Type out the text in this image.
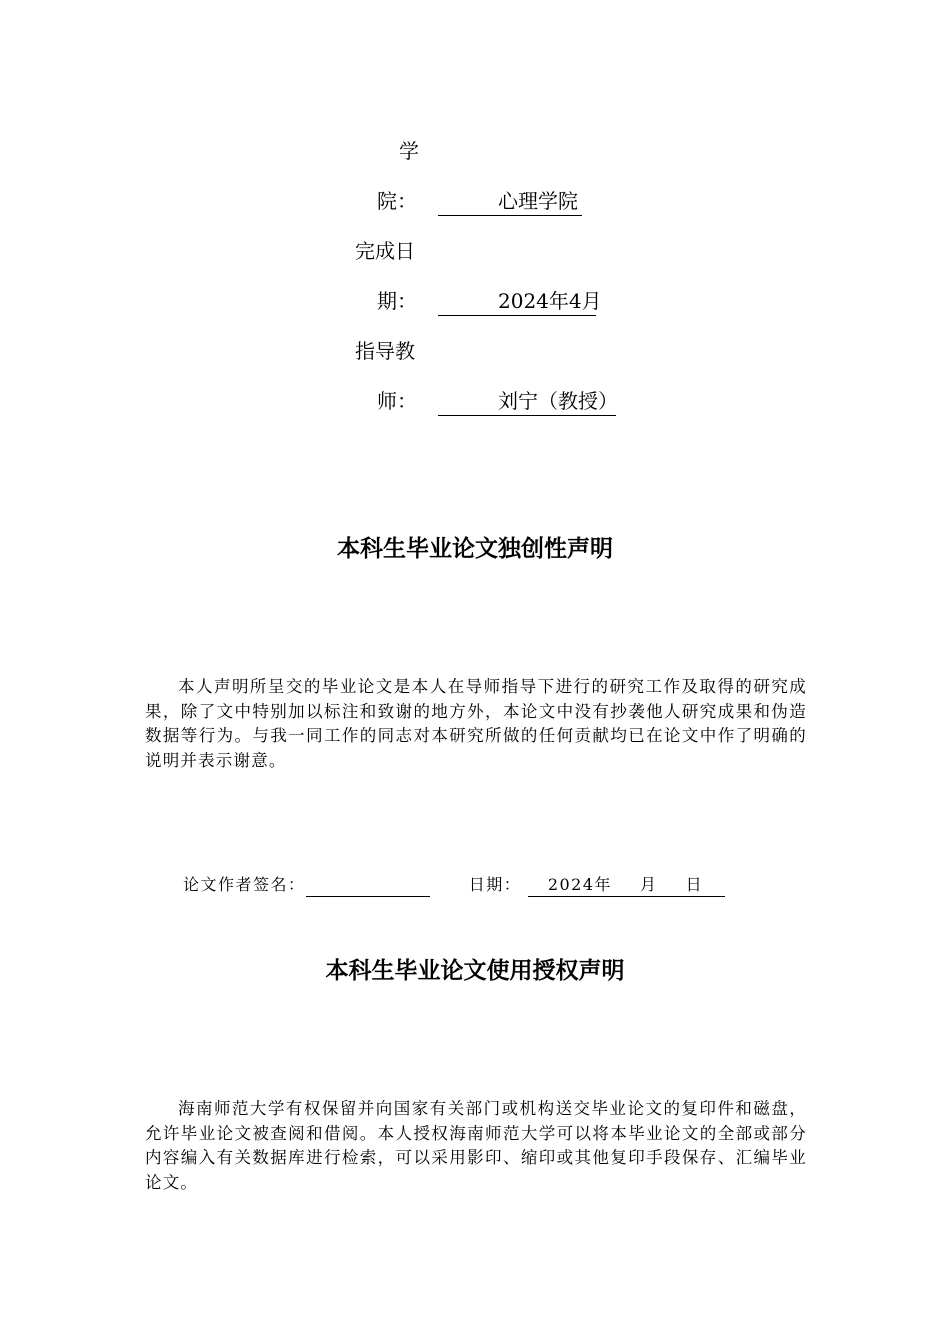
学
院： 　　　心理学院
完成日
期： 　　　2024年4月
指导教
师： 　　　刘宁（教授）
本科生毕业论文独创性声明
本人声明所呈交的毕业论文是本人在导师指导下进行的研究工作及取得的研究成果，除了文中特别加以标注和致谢的地方外，本论文中没有抄袭他人研究成果和伪造数据等行为。与我一同工作的同志对本研究所做的任何贡献均已在论文中作了明确的说明并表示谢意。
论文作者签名：	日期： 2024年 月 日
本科生毕业论文使用授权声明
海南师范大学有权保留并向国家有关部门或机构送交毕业论文的复印件和磁盘，允许毕业论文被查阅和借阅。本人授权海南师范大学可以将本毕业论文的全部或部分内容编入有关数据库进行检索，可以采用影印、缩印或其他复印手段保存、汇编毕业论文。
